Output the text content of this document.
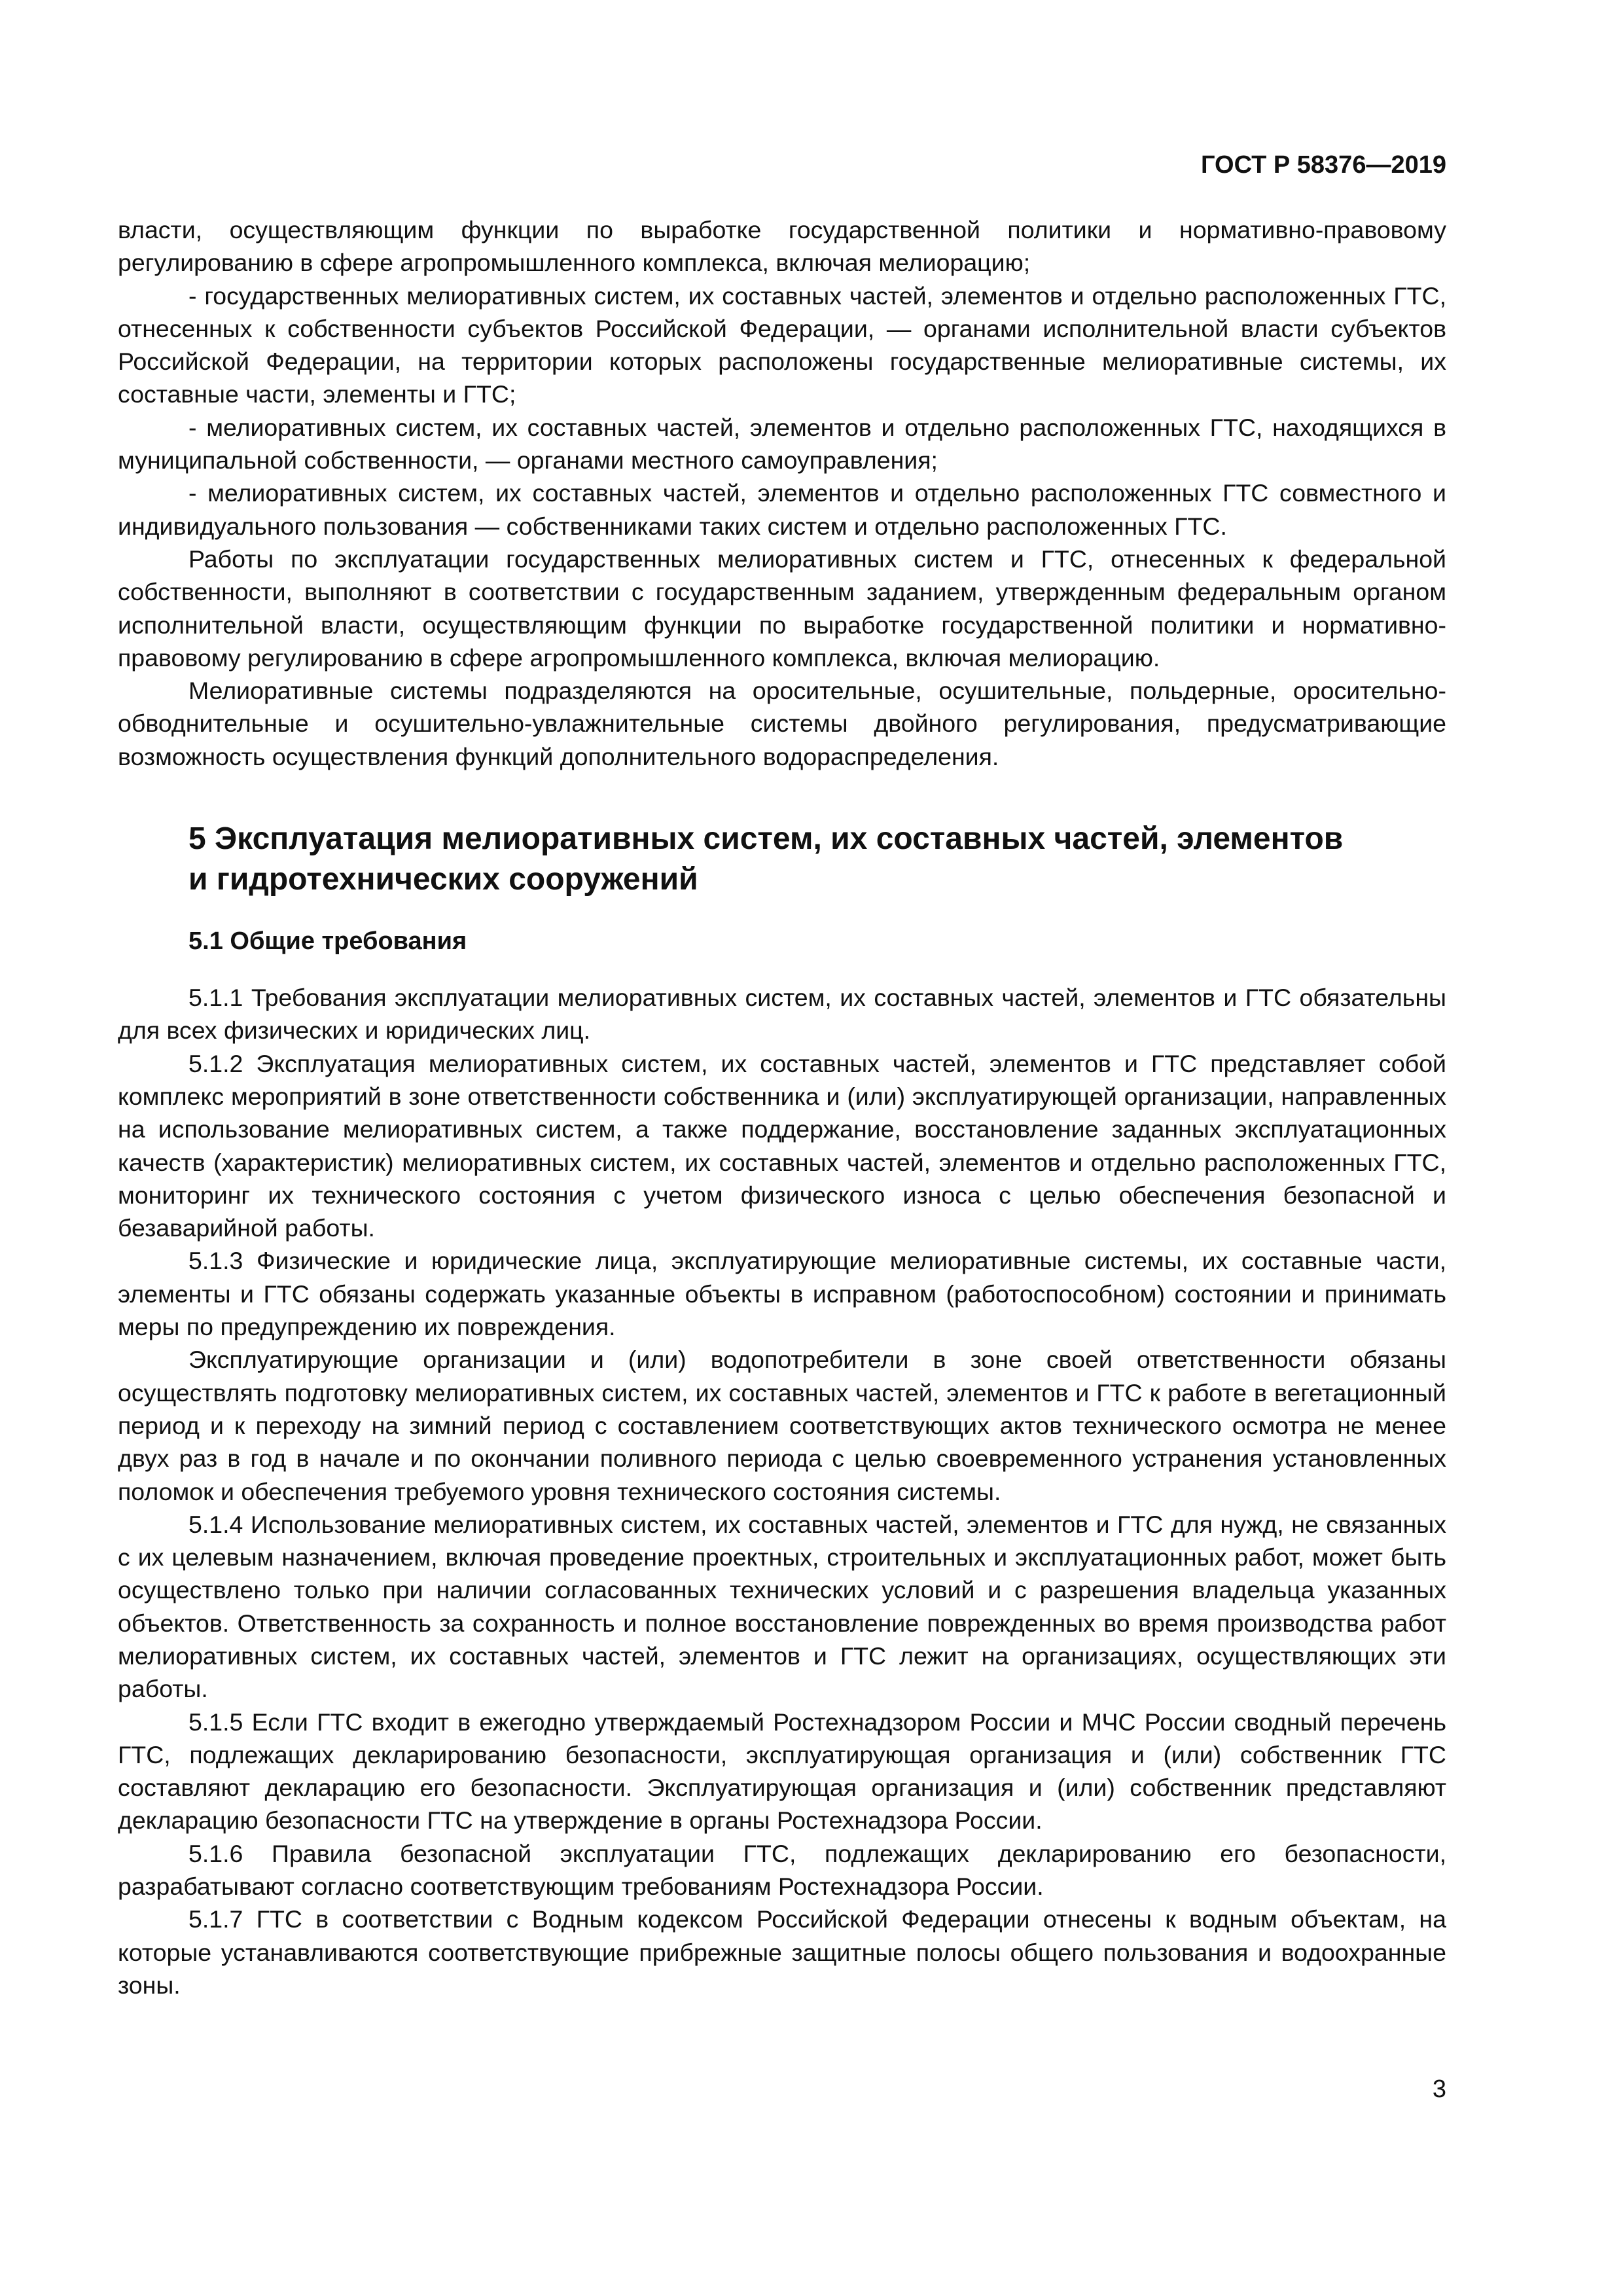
ГОСТ Р 58376—2019

власти, осуществляющим функции по выработке государственной политики и нормативно-правовому регулированию в сфере агропромышленного комплекса, включая мелиорацию;

- государственных мелиоративных систем, их составных частей, элементов и отдельно расположенных ГТС, отнесенных к собственности субъектов Российской Федерации, — органами исполнительной власти субъектов Российской Федерации, на территории которых расположены государственные мелиоративные системы, их составные части, элементы и ГТС;

- мелиоративных систем, их составных частей, элементов и отдельно расположенных ГТС, находящихся в муниципальной собственности, — органами местного самоуправления;

- мелиоративных систем, их составных частей, элементов и отдельно расположенных ГТС совместного и индивидуального пользования — собственниками таких систем и отдельно расположенных ГТС.

Работы по эксплуатации государственных мелиоративных систем и ГТС, отнесенных к федеральной собственности, выполняют в соответствии с государственным заданием, утвержденным федеральным органом исполнительной власти, осуществляющим функции по выработке государственной политики и нормативно-правовому регулированию в сфере агропромышленного комплекса, включая мелиорацию.

Мелиоративные системы подразделяются на оросительные, осушительные, польдерные, оросительно-обводнительные и осушительно-увлажнительные системы двойного регулирования, предусматривающие возможность осуществления функций дополнительного водораспределения.

5 Эксплуатация мелиоративных систем, их составных частей, элементов
и гидротехнических сооружений
5.1 Общие требования

5.1.1 Требования эксплуатации мелиоративных систем, их составных частей, элементов и ГТС обязательны для всех физических и юридических лиц.

5.1.2 Эксплуатация мелиоративных систем, их составных частей, элементов и ГТС представляет собой комплекс мероприятий в зоне ответственности собственника и (или) эксплуатирующей организации, направленных на использование мелиоративных систем, а также поддержание, восстановление заданных эксплуатационных качеств (характеристик) мелиоративных систем, их составных частей, элементов и отдельно расположенных ГТС, мониторинг их технического состояния с учетом физического износа с целью обеспечения безопасной и безаварийной работы.

5.1.3 Физические и юридические лица, эксплуатирующие мелиоративные системы, их составные части, элементы и ГТС обязаны содержать указанные объекты в исправном (работоспособном) состоянии и принимать меры по предупреждению их повреждения.

Эксплуатирующие организации и (или) водопотребители в зоне своей ответственности обязаны осуществлять подготовку мелиоративных систем, их составных частей, элементов и ГТС к работе в вегетационный период и к переходу на зимний период с составлением соответствующих актов технического осмотра не менее двух раз в год в начале и по окончании поливного периода с целью своевременного устранения установленных поломок и обеспечения требуемого уровня технического состояния системы.

5.1.4 Использование мелиоративных систем, их составных частей, элементов и ГТС для нужд, не связанных с их целевым назначением, включая проведение проектных, строительных и эксплуатационных работ, может быть осуществлено только при наличии согласованных технических условий и с разрешения владельца указанных объектов. Ответственность за сохранность и полное восстановление поврежденных во время производства работ мелиоративных систем, их составных частей, элементов и ГТС лежит на организациях, осуществляющих эти работы.

5.1.5 Если ГТС входит в ежегодно утверждаемый Ростехнадзором России и МЧС России сводный перечень ГТС, подлежащих декларированию безопасности, эксплуатирующая организация и (или) собственник ГТС составляют декларацию его безопасности. Эксплуатирующая организация и (или) собственник представляют декларацию безопасности ГТС на утверждение в органы Ростехнадзора России.

5.1.6 Правила безопасной эксплуатации ГТС, подлежащих декларированию его безопасности, разрабатывают согласно соответствующим требованиям Ростехнадзора России.

5.1.7 ГТС в соответствии с Водным кодексом Российской Федерации отнесены к водным объектам, на которые устанавливаются соответствующие прибрежные защитные полосы общего пользования и водоохранные зоны.

3
